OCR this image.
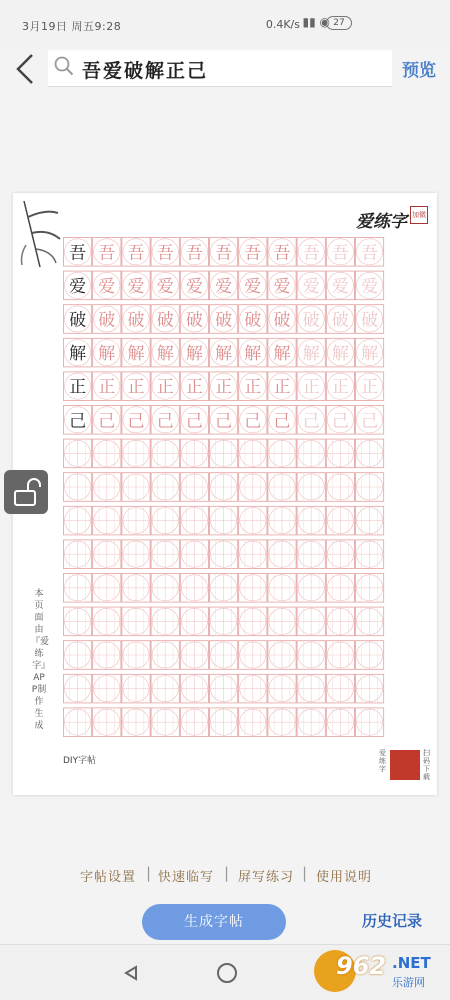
3月19日 周五9:28	0.4K/s ▮▮ ◉ 27
吾爱破解正己	预览
爱练字 加微
吾 吾 吾 吾 吾 吾 吾 吾 吾 吾 吾
爱 爱 爱 爱 爱 爱 爱 爱 爱 爱 爱
破 破 破 破 破 破 破 破 破 破 破
解 解 解 解 解 解 解 解 解 解 解
正 正 正 正 正 正 正 正 正 正 正
己 己 己 己 己 己 己 己 己 己 己
本页面由『爱练字』APP制作生成
DIY字帖
爱练字
扫码下载
字帖设置 | 快速临写 | 屏写练习 | 使用说明
生成字帖	历史记录
962 .NET
乐游网
